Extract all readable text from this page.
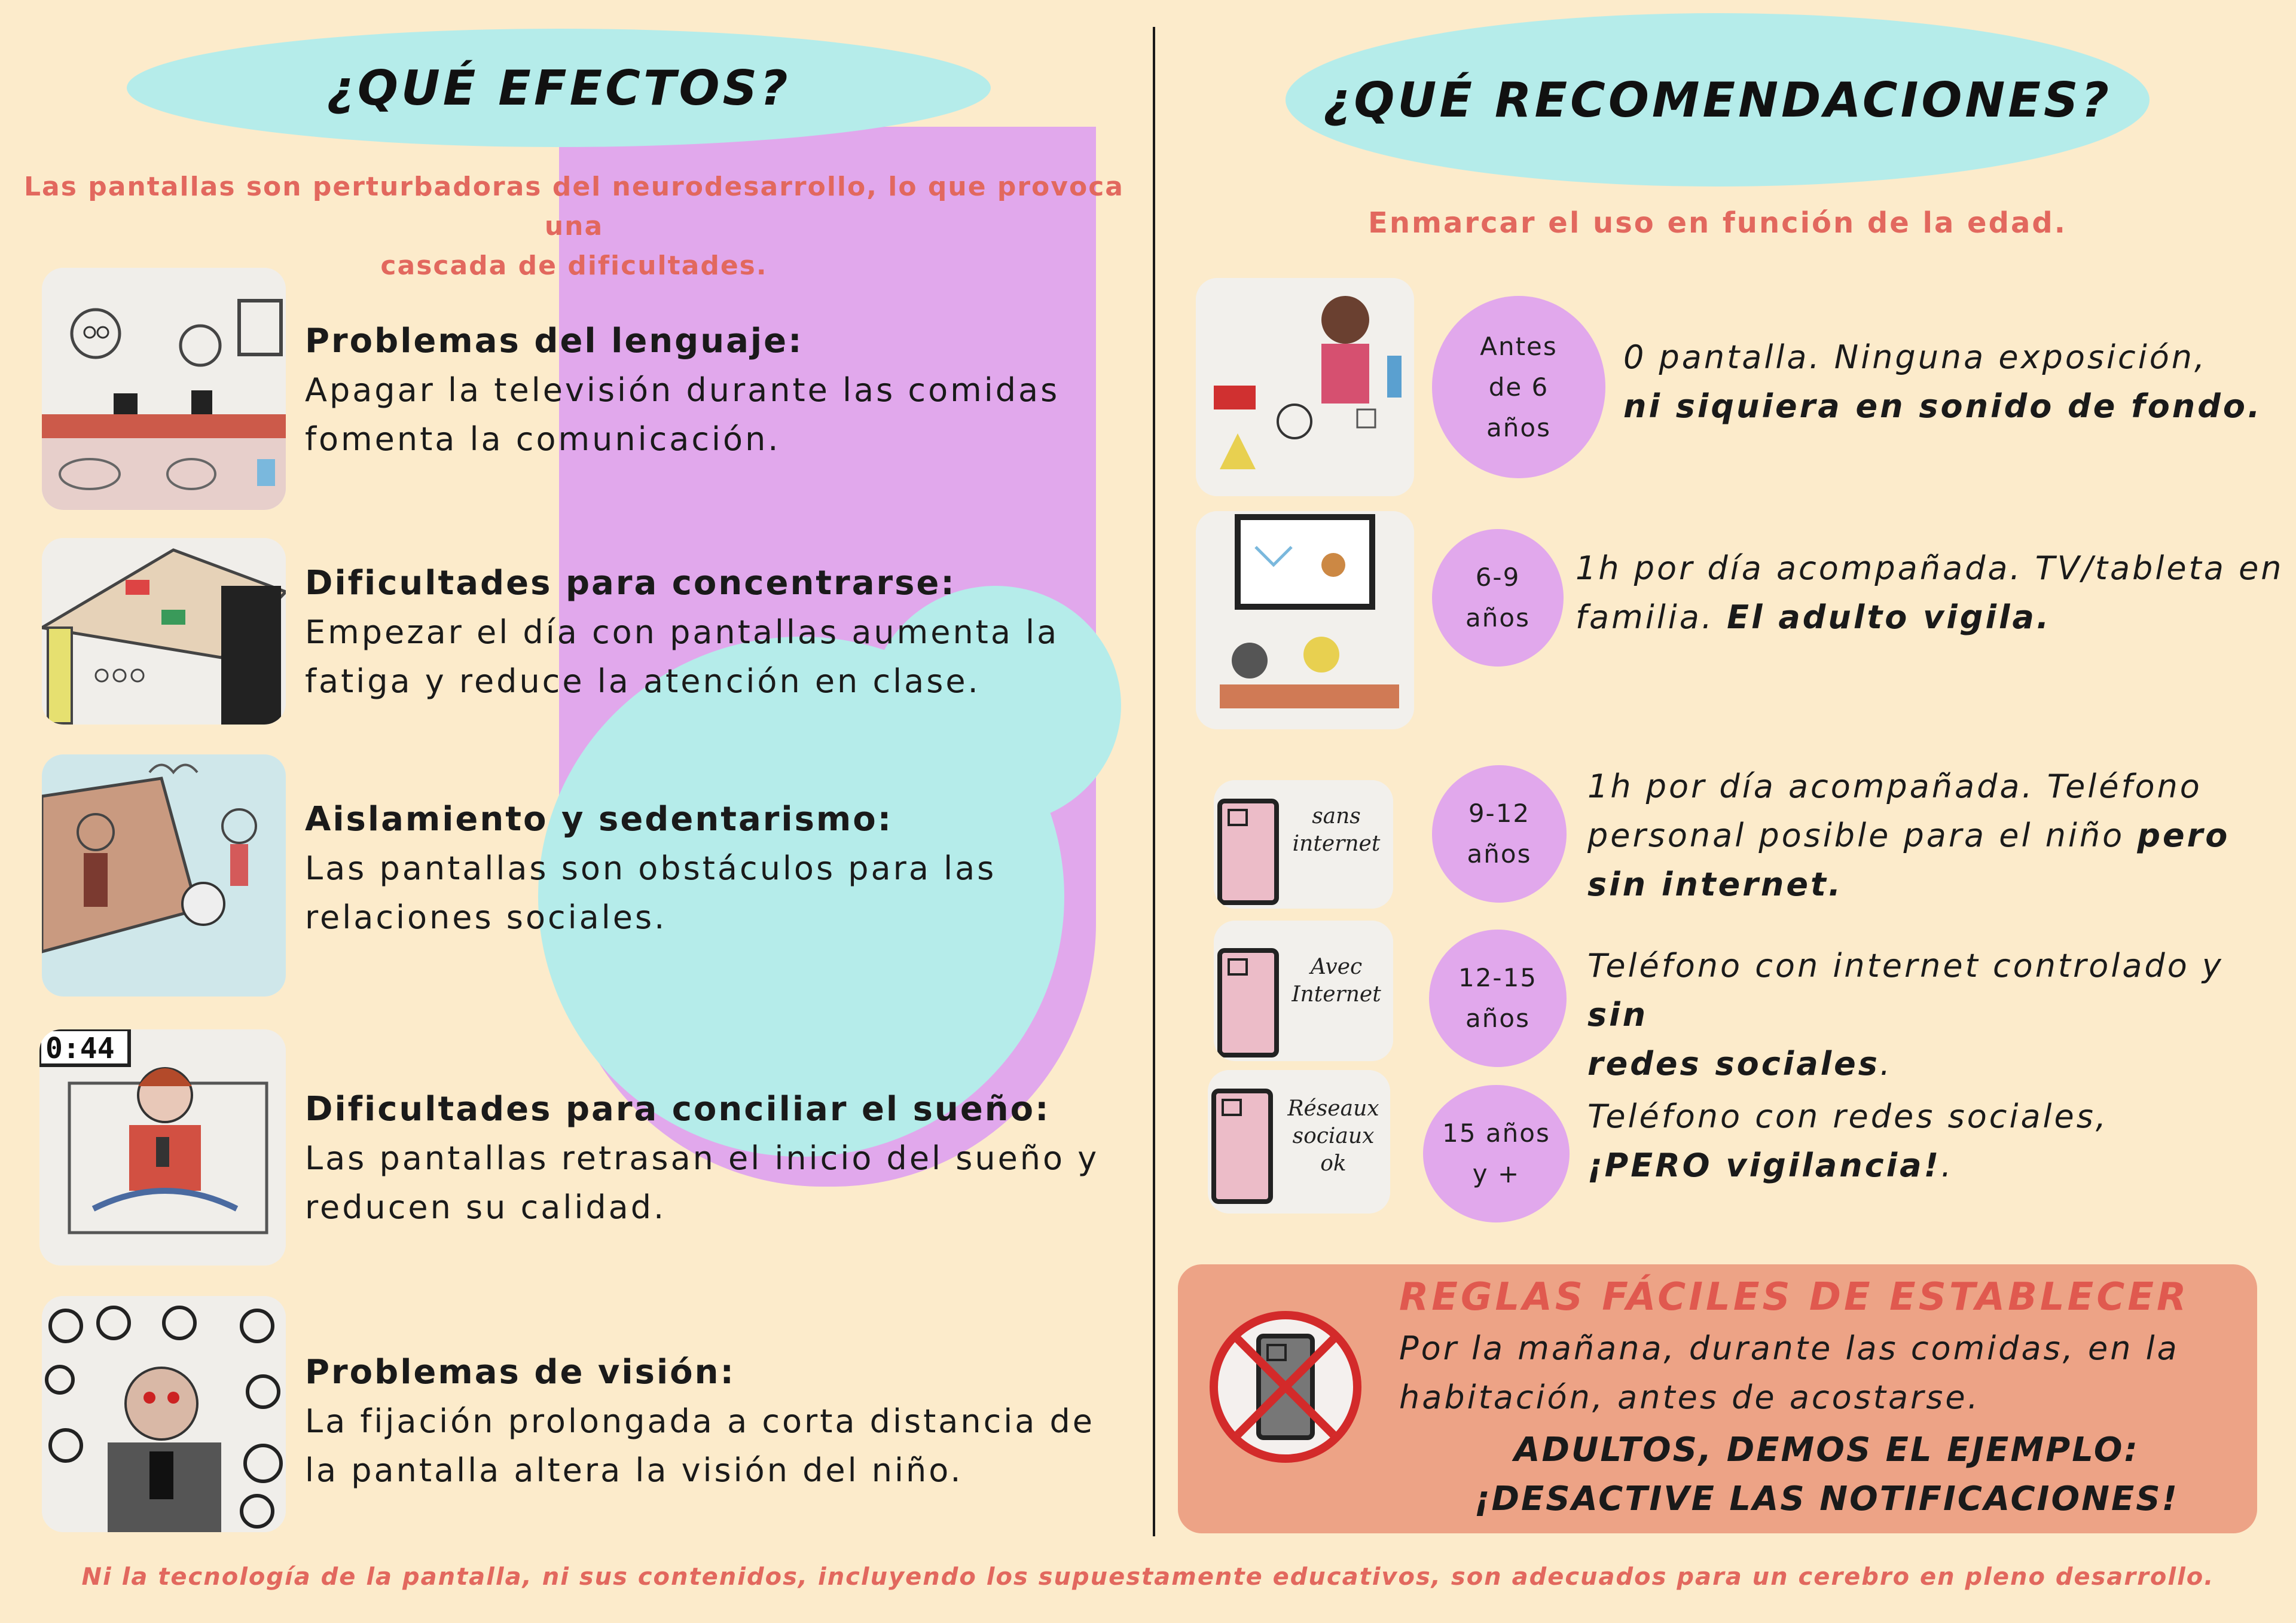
¿QUÉ EFECTOS?
Las pantallas son perturbadoras del neurodesarrollo, lo que provoca una
cascada de dificultades.
Problemas del lenguaje:
Apagar la televisión durante las comidas
fomenta la comunicación.
Dificultades para concentrarse:
Empezar el día con pantallas aumenta la
fatiga y reduce la atención en clase.
Aislamiento y sedentarismo:
Las pantallas son obstáculos para las
relaciones sociales.
0:44
Dificultades para conciliar el sueño:
Las pantallas retrasan el inicio del sueño y
reducen su calidad.
Problemas de visión:
La fijación prolongada a corta distancia de
la pantalla altera la visión del niño.
¿QUÉ RECOMENDACIONES?
Enmarcar el uso en función de la edad.
Antes
de 6
años
0 pantalla. Ninguna exposición,
ni siquiera en sonido de fondo.
6-9
años
1h por día acompañada. TV/tableta en
familia. El adulto vigila.
sans
internet
9-12
años
1h por día acompañada. Teléfono
personal posible para el niño pero
sin internet.
Avec
Internet
12-15
años
Teléfono con internet controlado y sin
redes sociales.
Réseaux
sociaux
ok
15 años
y +
Teléfono con redes sociales,
¡PERO vigilancia!.
REGLAS FÁCILES DE ESTABLECER
Por la mañana, durante las comidas, en la
habitación, antes de acostarse.
ADULTOS, DEMOS EL EJEMPLO:
¡DESACTIVE LAS NOTIFICACIONES!
Ni la tecnología de la pantalla, ni sus contenidos, incluyendo los supuestamente educativos, son adecuados para un cerebro en pleno desarrollo.
